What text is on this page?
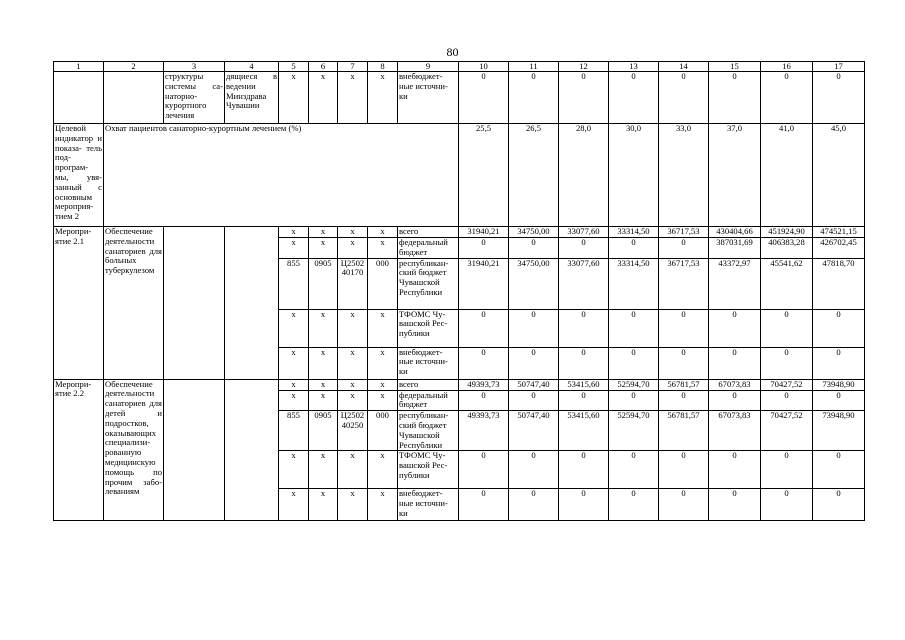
80
1	2	3	4	5	6	7	8	9	10	11	12	13	14	15	16	17
		структуры системы са- наторно- курортного лечения	дящиеся в ведении Минздрава Чувашии	x	x	x	x	внебюджет- ные источни- ки	0	0	0	0	0	0	0	0
Целевой индикатор и показа- тель под- програм- мы, увя- занный с основным мероприя- тием 2	Охват пациентов санаторно-курортным лечением (%)								25,5	26,5	28,0	30,0	33,0	37,0	41,0	45,0
Меропри- ятие 2.1	Обеспечение деятельности санаториев для больных туберкулезом			x	x	x	x	всего	31940,21	34750,00	33077,60	33314,50	36717,53	430404,66	451924,90	474521,15
				x	x	x	x	федеральный бюджет	0	0	0	0	0	387031,69	406383,28	426702,45
				855	0905	Ц2502 40170	000	республикан- ский бюджет Чувашской Республики	31940,21	34750,00	33077,60	33314,50	36717,53	43372,97	45541,62	47818,70
				x	x	x	x	ТФОМС Чу- вашской Рес- публики	0	0	0	0	0	0	0	0
				x	x	x	x	внебюджет- ные источни- ки	0	0	0	0	0	0	0	0
Меропри- ятие 2.2	Обеспечение деятельности санаториев для детей и подростков, оказывающих специализи- рованную медицинскую помощь по прочим забо- леваниям			x	x	x	x	всего	49393,73	50747,40	53415,60	52594,70	56781,57	67073,83	70427,52	73948,90
				x	x	x	x	федеральный бюджет	0	0	0	0	0	0	0	0
				855	0905	Ц2502 40250	000	республикан- ский бюджет Чувашской Республики	49393,73	50747,40	53415,60	52594,70	56781,57	67073,83	70427,52	73948,90
				x	x	x	x	ТФОМС Чу- вашской Рес- публики	0	0	0	0	0	0	0	0
				x	x	x	x	внебюджет- ные источни- ки	0	0	0	0	0	0	0	0
